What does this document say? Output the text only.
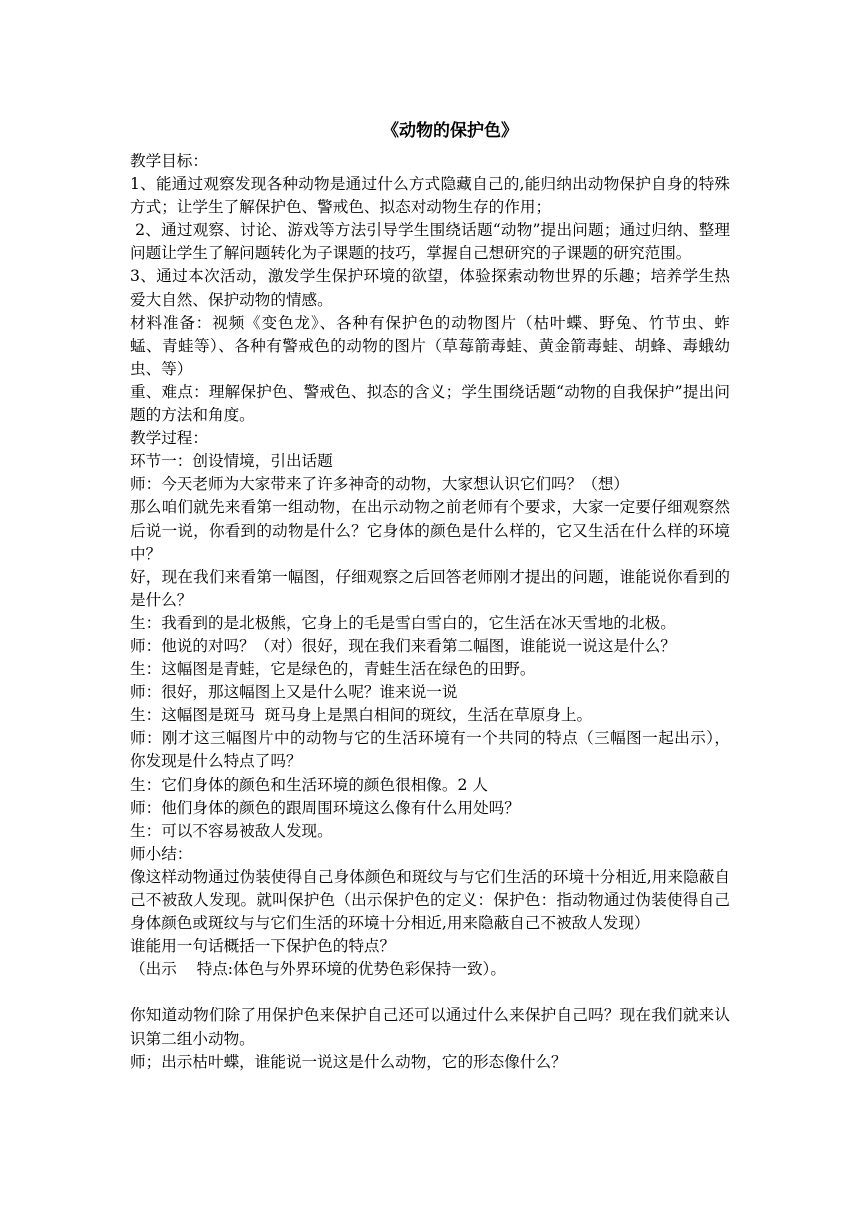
《动物的保护色》

教学目标：

1、能通过观察发现各种动物是通过什么方式隐藏自己的,能归纳出动物保护自身的特殊方式；让学生了解保护色、警戒色、拟态对动物生存的作用；

2、通过观察、讨论、游戏等方法引导学生围绕话题“动物”提出问题；通过归纳、整理问题让学生了解问题转化为子课题的技巧，掌握自己想研究的子课题的研究范围。

3、通过本次活动，激发学生保护环境的欲望，体验探索动物世界的乐趣；培养学生热爱大自然、保护动物的情感。

材料准备：视频《变色龙》、各种有保护色的动物图片（枯叶蝶、野兔、竹节虫、蚱蜢、青蛙等）、各种有警戒色的动物的图片（草莓箭毒蛙、黄金箭毒蛙、胡蜂、毒蛾幼虫、等）

重、难点：理解保护色、警戒色、拟态的含义；学生围绕话题“动物的自我保护”提出问题的方法和角度。

教学过程：

环节一：创设情境，引出话题

师：今天老师为大家带来了许多神奇的动物，大家想认识它们吗？（想）

那么咱们就先来看第一组动物，在出示动物之前老师有个要求，大家一定要仔细观察然后说一说，你看到的动物是什么？它身体的颜色是什么样的，它又生活在什么样的环境中？

好，现在我们来看第一幅图，仔细观察之后回答老师刚才提出的问题，谁能说你看到的是什么？

生：我看到的是北极熊，它身上的毛是雪白雪白的，它生活在冰天雪地的北极。

师：他说的对吗？（对）很好，现在我们来看第二幅图，谁能说一说这是什么？

生：这幅图是青蛙，它是绿色的，青蛙生活在绿色的田野。

师：很好，那这幅图上又是什么呢？谁来说一说

生：这幅图是斑马  斑马身上是黑白相间的斑纹，生活在草原身上。

师：刚才这三幅图片中的动物与它的生活环境有一个共同的特点（三幅图一起出示），你发现是什么特点了吗？

生：它们身体的颜色和生活环境的颜色很相像。2 人

师：他们身体的颜色的跟周围环境这么像有什么用处吗？

生：可以不容易被敌人发现。

师小结：

像这样动物通过伪装使得自己身体颜色和斑纹与与它们生活的环境十分相近,用来隐蔽自己不被敌人发现。就叫保护色（出示保护色的定义：保护色：指动物通过伪装使得自己身体颜色或斑纹与与它们生活的环境十分相近,用来隐蔽自己不被敌人发现）

谁能用一句话概括一下保护色的特点？

（出示    特点:体色与外界环境的优势色彩保持一致）。

你知道动物们除了用保护色来保护自己还可以通过什么来保护自己吗？现在我们就来认识第二组小动物。

师；出示枯叶蝶，谁能说一说这是什么动物，它的形态像什么？
